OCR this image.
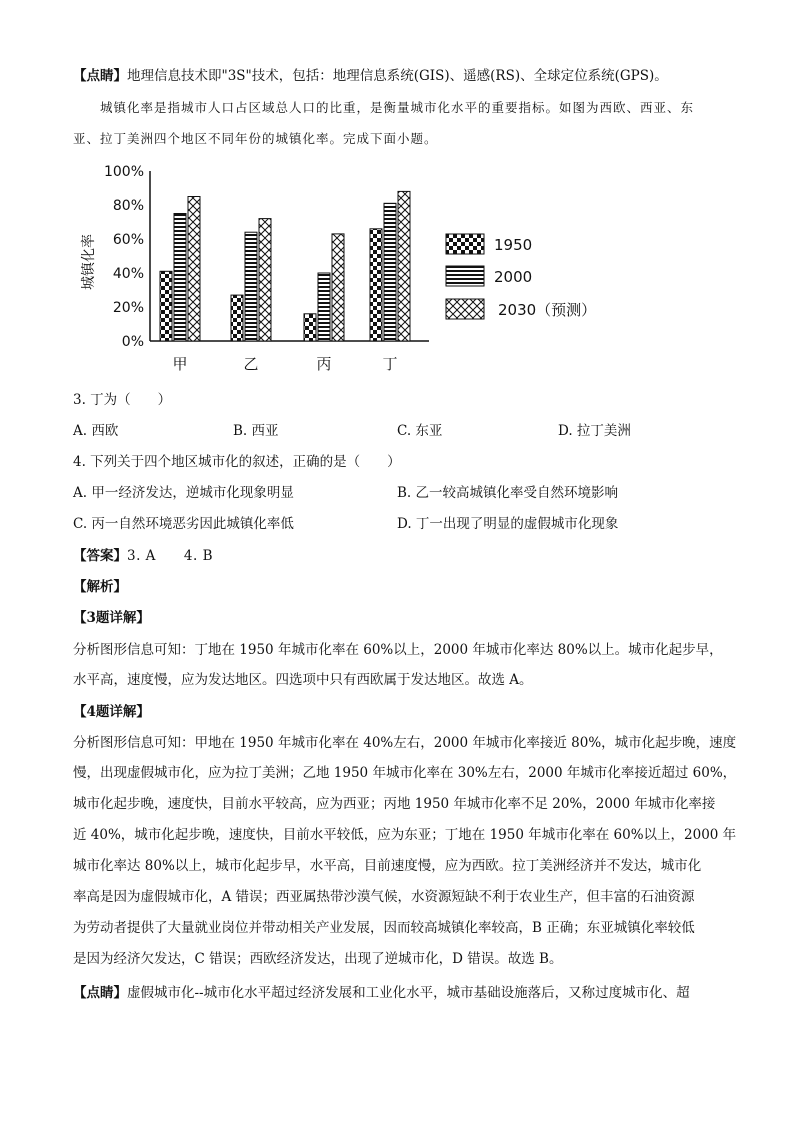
【点睛】地理信息技术即"3S"技术，包括：地理信息系统(GIS)、遥感(RS)、全球定位系统(GPS)。
城镇化率是指城市人口占区域总人口的比重，是衡量城市化水平的重要指标。如图为西欧、西亚、东
亚、拉丁美洲四个地区不同年份的城镇化率。完成下面小题。
0%
20%
40%
60%
80%
100%
甲	乙	丙	丁
1950
2000
2030（预测）
城镇化率
3. 丁为（　　）
A. 西欧	B. 西亚	C. 东亚	D. 拉丁美洲
4. 下列关于四个地区城市化的叙述，正确的是（　　）
A. 甲一经济发达，逆城市化现象明显	B. 乙一较高城镇化率受自然环境影响
C. 丙一自然环境恶劣因此城镇化率低	D. 丁一出现了明显的虚假城市化现象
【答案】3. A　　4. B
【解析】
【3题详解】
分析图形信息可知：丁地在 1950 年城市化率在 60%以上，2000 年城市化率达 80%以上。城市化起步早，
水平高，速度慢，应为发达地区。四选项中只有西欧属于发达地区。故选 A。
【4题详解】
分析图形信息可知：甲地在 1950 年城市化率在 40%左右，2000 年城市化率接近 80%，城市化起步晚，速度
慢，出现虚假城市化，应为拉丁美洲；乙地 1950 年城市化率在 30%左右，2000 年城市化率接近超过 60%，
城市化起步晚，速度快，目前水平较高，应为西亚；丙地 1950 年城市化率不足 20%，2000 年城市化率接
近 40%，城市化起步晚，速度快，目前水平较低，应为东亚；丁地在 1950 年城市化率在 60%以上，2000 年
城市化率达 80%以上，城市化起步早，水平高，目前速度慢，应为西欧。拉丁美洲经济并不发达，城市化
率高是因为虚假城市化，A 错误；西亚属热带沙漠气候，水资源短缺不利于农业生产，但丰富的石油资源
为劳动者提供了大量就业岗位并带动相关产业发展，因而较高城镇化率较高，B 正确；东亚城镇化率较低
是因为经济欠发达，C 错误；西欧经济发达，出现了逆城市化，D 错误。故选 B。
【点睛】虚假城市化--城市化水平超过经济发展和工业化水平，城市基础设施落后，又称过度城市化、超
